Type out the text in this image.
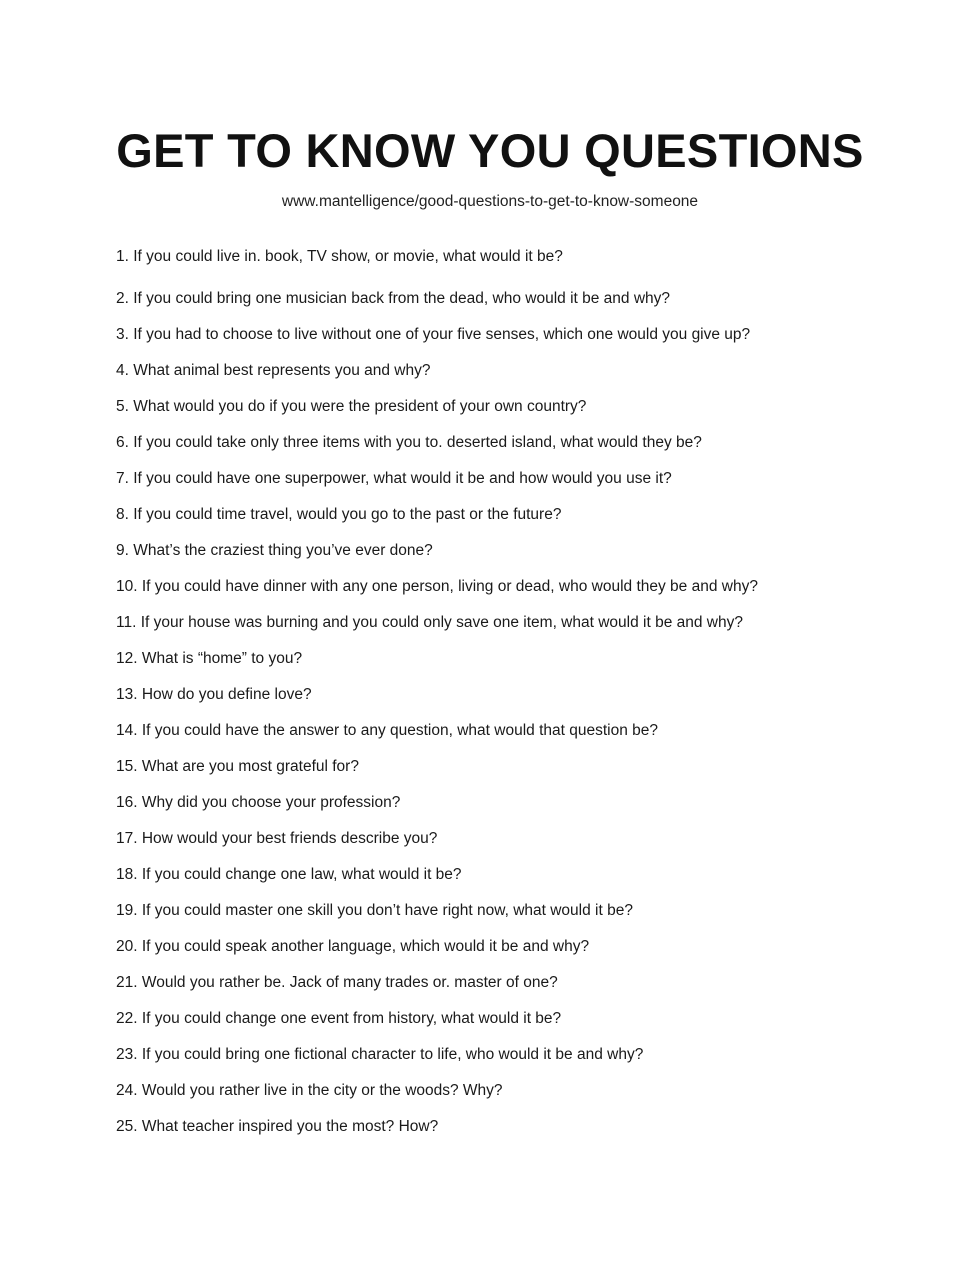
GET TO KNOW YOU QUESTIONS

www.mantelligence/good-questions-to-get-to-know-someone

1. If you could live in. book, TV show, or movie, what would it be?
2. If you could bring one musician back from the dead, who would it be and why?
3. If you had to choose to live without one of your five senses, which one would you give up?
4. What animal best represents you and why?
5. What would you do if you were the president of your own country?
6. If you could take only three items with you to. deserted island, what would they be?
7. If you could have one superpower, what would it be and how would you use it?
8. If you could time travel, would you go to the past or the future?
9. What’s the craziest thing you’ve ever done?
10. If you could have dinner with any one person, living or dead, who would they be and why?
11. If your house was burning and you could only save one item, what would it be and why?
12. What is “home” to you?
13. How do you define love?
14. If you could have the answer to any question, what would that question be?
15. What are you most grateful for?
16. Why did you choose your profession?
17. How would your best friends describe you?
18. If you could change one law, what would it be?
19. If you could master one skill you don’t have right now, what would it be?
20. If you could speak another language, which would it be and why?
21. Would you rather be. Jack of many trades or. master of one?
22. If you could change one event from history, what would it be?
23. If you could bring one fictional character to life, who would it be and why?
24. Would you rather live in the city or the woods? Why?
25. What teacher inspired you the most? How?
